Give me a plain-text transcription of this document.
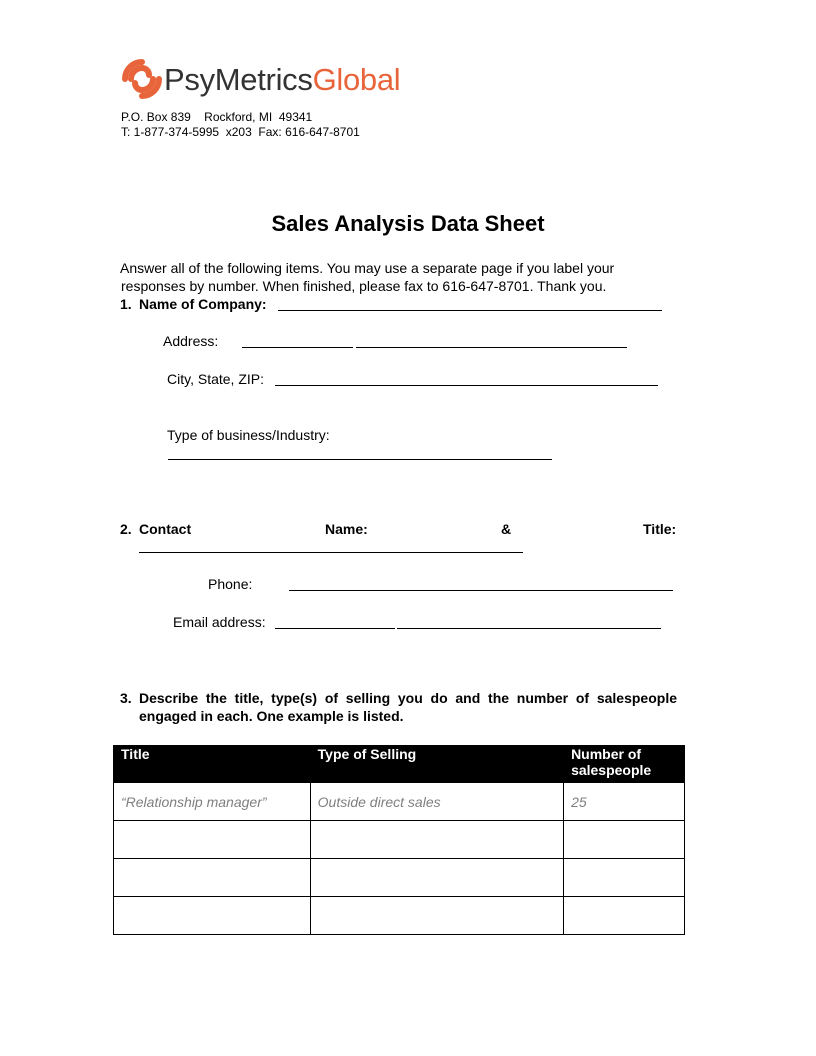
PsyMetricsGlobal
P.O. Box 839    Rockford, MI  49341
T: 1-877-374-5995  x203  Fax: 616-647-8701
Sales Analysis Data Sheet
Answer all of the following items. You may use a separate page if you label your
responses by number. When finished, please fax to 616-647-8701. Thank you.
1. Name of Company:
Address:
City, State, ZIP:
Type of business/Industry:
2. Contact	Name:	&	Title:
Phone:
Email address:
3. Describe the title, type(s) of selling you do and the number of salespeople
engaged in each. One example is listed.
Title	Type of Selling	Number of salespeople
“Relationship manager”	Outside direct sales	25
